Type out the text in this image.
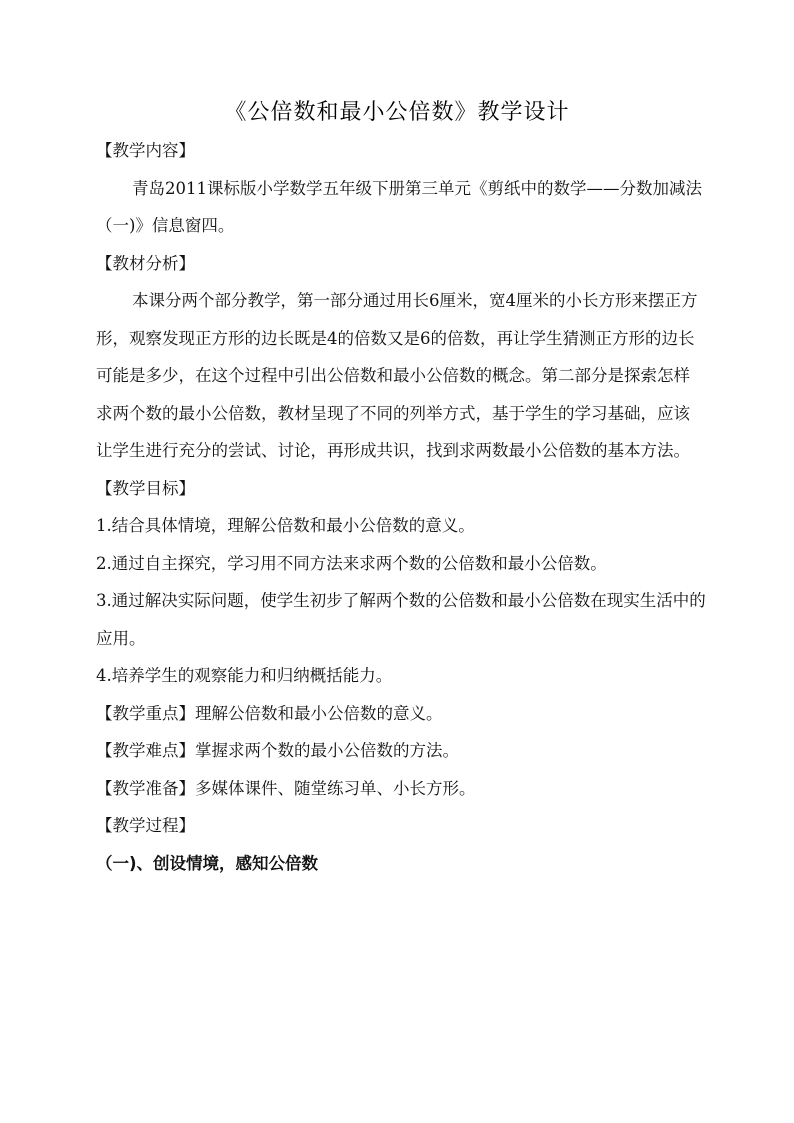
《公倍数和最小公倍数》教学设计

【教学内容】

青岛2011课标版小学数学五年级下册第三单元《剪纸中的数学——分数加减法（一)》信息窗四。

【教材分析】

本课分两个部分教学，第一部分通过用长6厘米，宽4厘米的小长方形来摆正方形，观察发现正方形的边长既是4的倍数又是6的倍数，再让学生猜测正方形的边长可能是多少，在这个过程中引出公倍数和最小公倍数的概念。第二部分是探索怎样求两个数的最小公倍数，教材呈现了不同的列举方式，基于学生的学习基础，应该让学生进行充分的尝试、讨论，再形成共识，找到求两数最小公倍数的基本方法。

【教学目标】

1.结合具体情境，理解公倍数和最小公倍数的意义。

2.通过自主探究，学习用不同方法来求两个数的公倍数和最小公倍数。

3.通过解决实际问题，使学生初步了解两个数的公倍数和最小公倍数在现实生活中的应用。

4.培养学生的观察能力和归纳概括能力。

【教学重点】理解公倍数和最小公倍数的意义。

【教学难点】掌握求两个数的最小公倍数的方法。

【教学准备】多媒体课件、随堂练习单、小长方形。

【教学过程】

（一)、创设情境，感知公倍数
